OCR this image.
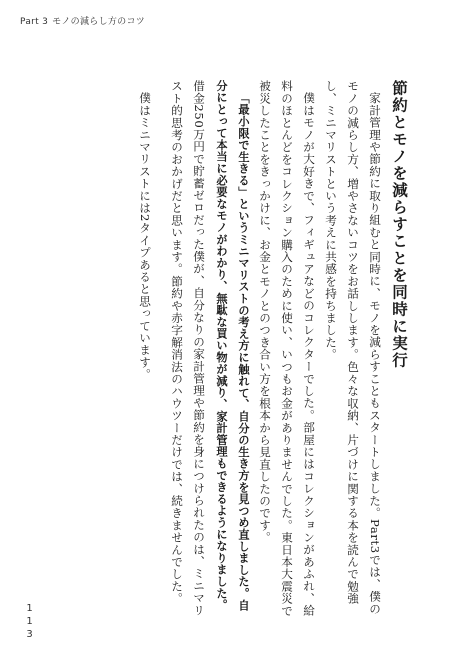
Part 3 モノの減らし方のコツ
節約とモノを減らすことを同時に実行

家計管理や節約に取り組むと同時に、モノを減らすこともスタートしました。Part3では、僕のモノの減らし方、増やさないコツをお話しします。色々な収納、片づけに関する本を読んで勉強し、ミニマリストという考えに共感を持ちました。

僕はモノが大好きで、フィギュアなどのコレクターでした。部屋にはコレクションがあふれ、給料のほとんどをコレクション購入のために使い、いつもお金がありませんでした。東日本大震災で被災したことをきっかけに、お金とモノとのつき合い方を根本から見直したのです。

「最小限で生きる」というミニマリストの考え方に触れて、自分の生き方を見つめ直しました。自分にとって本当に必要なモノがわかり、無駄な買い物が減り、家計管理もできるようになりました。借金250万円で貯蓄ゼロだった僕が、自分なりの家計管理や節約を身につけられたのは、ミニマリスト的思考のおかげだと思います。節約や赤字解消法のハウツーだけでは、続きませんでした。

僕はミニマリストには2タイプあると思っています。

113
